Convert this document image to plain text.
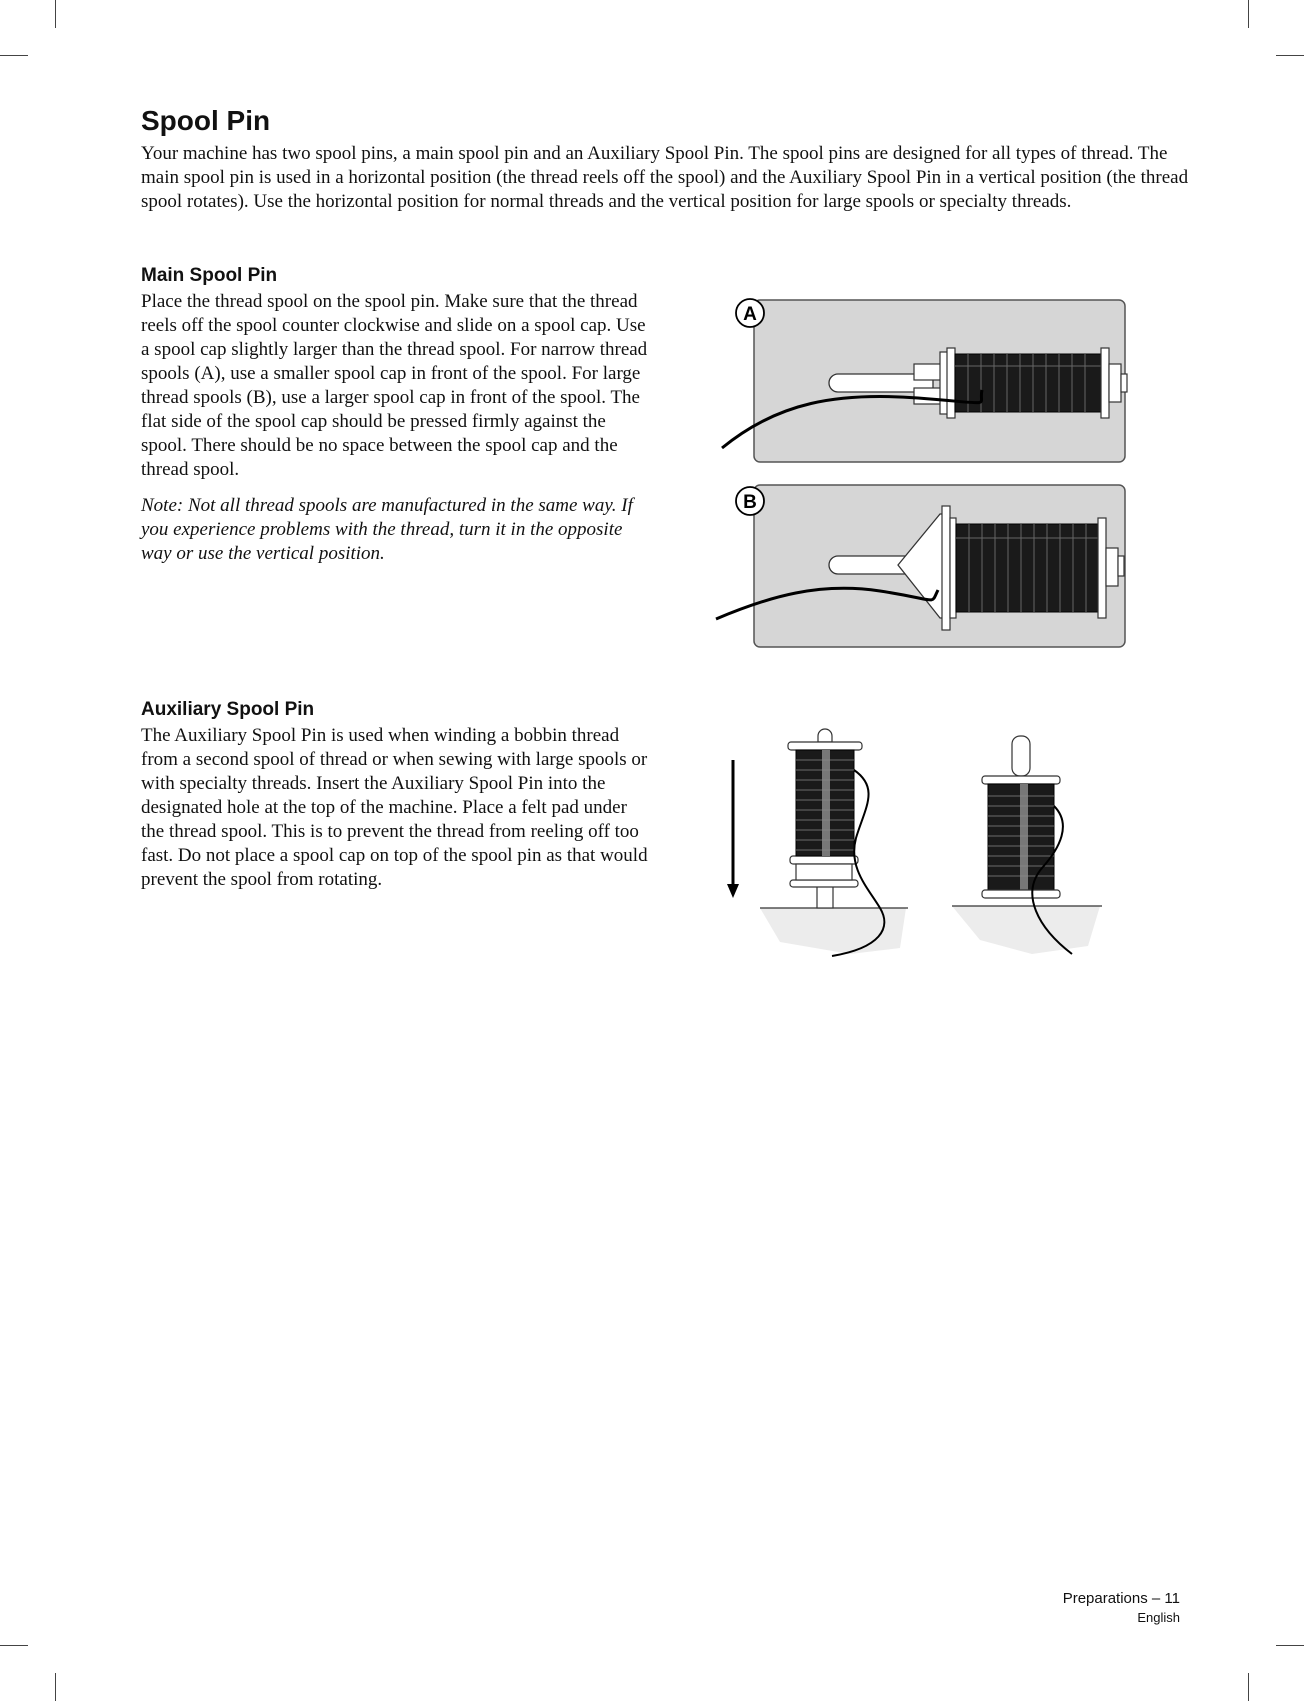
Spool Pin

Your machine has two spool pins, a main spool pin and an Auxiliary Spool Pin. The spool pins are designed for all types of thread. The main spool pin is used in a horizontal position (the thread reels off the spool) and the Auxiliary Spool Pin in a vertical position (the thread spool rotates). Use the horizontal position for normal threads and the vertical position for large spools or specialty threads.

Main Spool Pin

Place the thread spool on the spool pin. Make sure that the thread reels off the spool counter clockwise and slide on a spool cap. Use a spool cap slightly larger than the thread spool. For narrow thread spools (A), use a smaller spool cap in front of the spool. For large thread spools (B), use a larger spool cap in front of the spool. The flat side of the spool cap should be pressed firmly against the spool. There should be no space between the spool cap and the thread spool.

Note: Not all thread spools are manufactured in the same way. If you experience problems with the thread, turn it in the opposite way or use the vertical position.

A
B
Auxiliary Spool Pin

The Auxiliary Spool Pin is used when winding a bobbin thread from a second spool of thread or when sewing with large spools or with specialty threads. Insert the Auxiliary Spool Pin into the designated hole at the top of the machine. Place a felt pad under the thread spool. This is to prevent the thread from reeling off too fast. Do not place a spool cap on top of the spool pin as that would prevent the spool from rotating.

Preparations – 11
English
